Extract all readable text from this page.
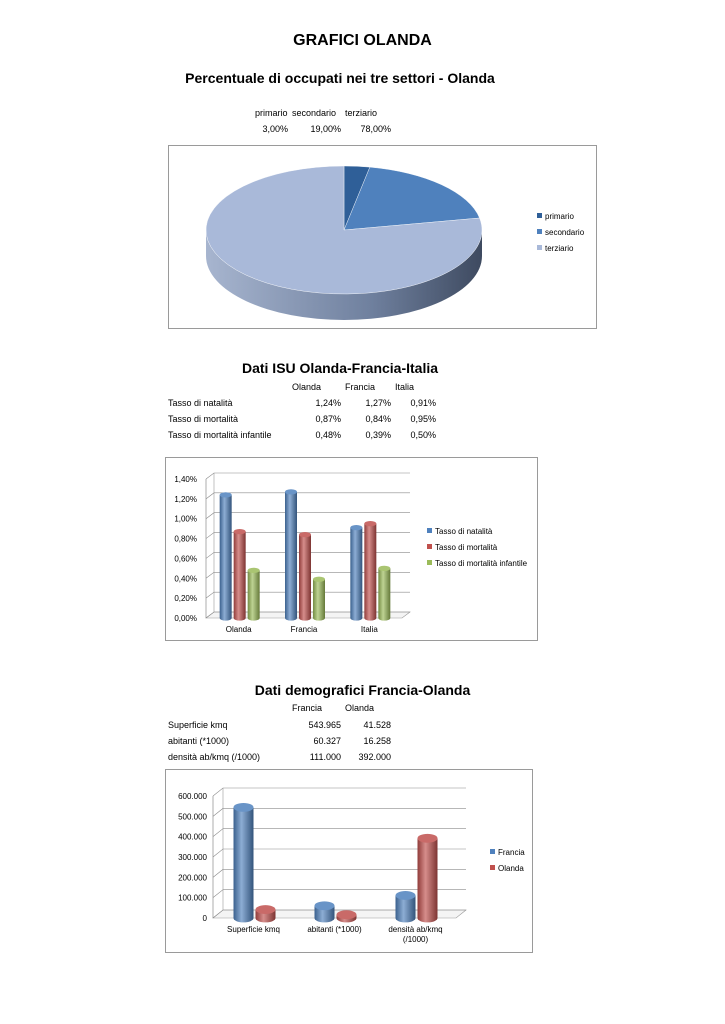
GRAFICI OLANDA
Percentuale di occupati nei tre settori - Olanda
primario secondario terziario
3,00%	19,00%	78,00%
primario
secondario
terziario
Dati ISU Olanda-Francia-Italia
Olanda	Francia Italia
Tasso di natalità	1,24%	1,27%	0,91%
Tasso di mortalità	0,87%	0,84%	0,95%
Tasso di mortalità infantile	0,48%	0,39%	0,50%
0,00%
0,20%
0,40%
0,60%
0,80%
1,00%
1,20%
1,40%
Olanda	Francia	Italia
Tasso di natalità
Tasso di mortalità
Tasso di mortalità infantile
Dati demografici Francia-Olanda
Francia	Olanda
Superficie kmq	543.965	41.528
abitanti (*1000)	60.327	16.258
densità ab/kmq (/1000)	111.000	392.000
0
100.000
200.000
300.000
400.000
500.000
600.000
Superficie kmq	abitanti (*1000)	densità ab/kmq (/1000)
Francia
Olanda
